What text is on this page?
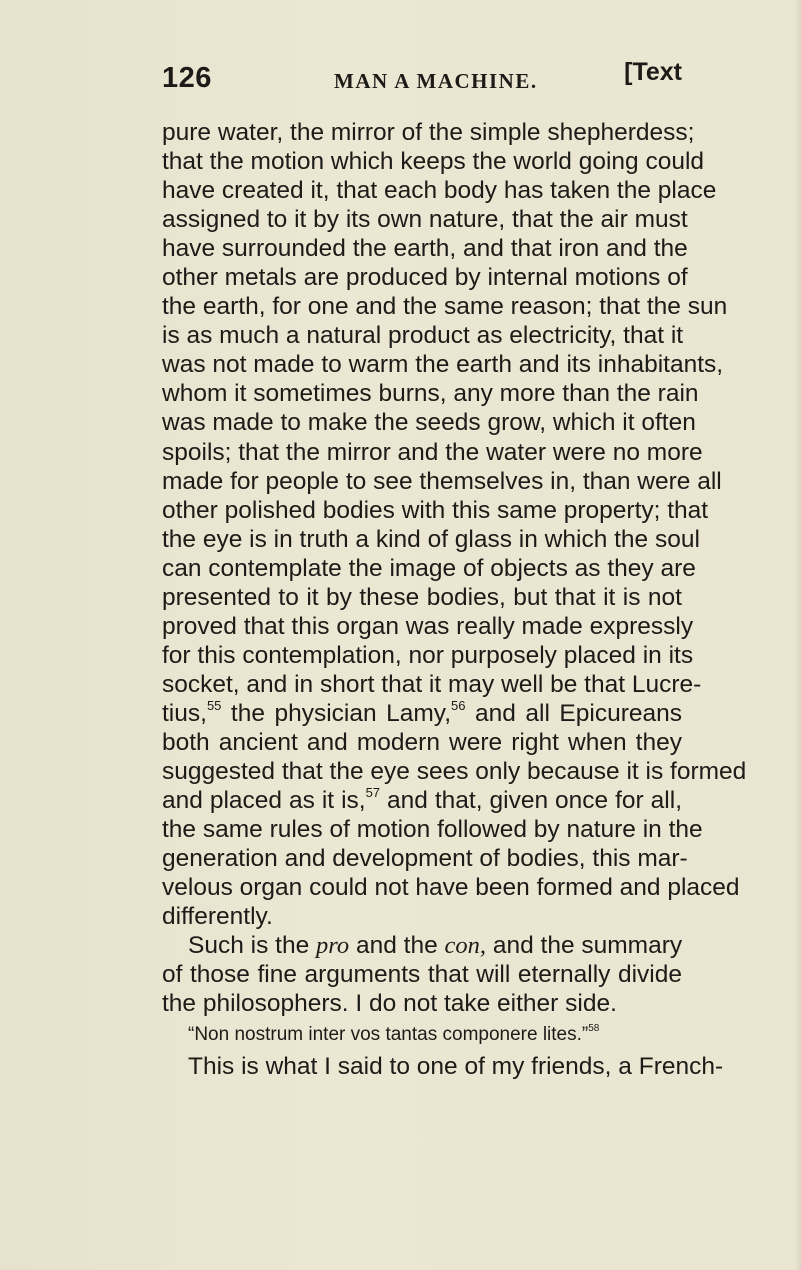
126	MAN A MACHINE.	[Text
pure water, the mirror of the simple shepherdess;
that the motion which keeps the world going could
have created it, that each body has taken the place
assigned to it by its own nature, that the air must
have surrounded the earth, and that iron and the
other metals are produced by internal motions of
the earth, for one and the same reason; that the sun
is as much a natural product as electricity, that it
was not made to warm the earth and its inhabitants,
whom it sometimes burns, any more than the rain
was made to make the seeds grow, which it often
spoils; that the mirror and the water were no more
made for people to see themselves in, than were all
other polished bodies with this same property; that
the eye is in truth a kind of glass in which the soul
can contemplate the image of objects as they are
presented to it by these bodies, but that it is not
proved that this organ was really made expressly
for this contemplation, nor purposely placed in its
socket, and in short that it may well be that Lucre-
tius,$^{55}$ the physician Lamy,$^{56}$ and all Epicureans
both ancient and modern were right when they
suggested that the eye sees only because it is formed
and placed as it is,$^{57}$ and that, given once for all,
the same rules of motion followed by nature in the
generation and development of bodies, this mar-
velous organ could not have been formed and placed
differently.
Such is the pro and the con, and the summary
of those fine arguments that will eternally divide
the philosophers. I do not take either side.
“Non nostrum inter vos tantas componere lites.”$^{58}$
This is what I said to one of my friends, a French-
